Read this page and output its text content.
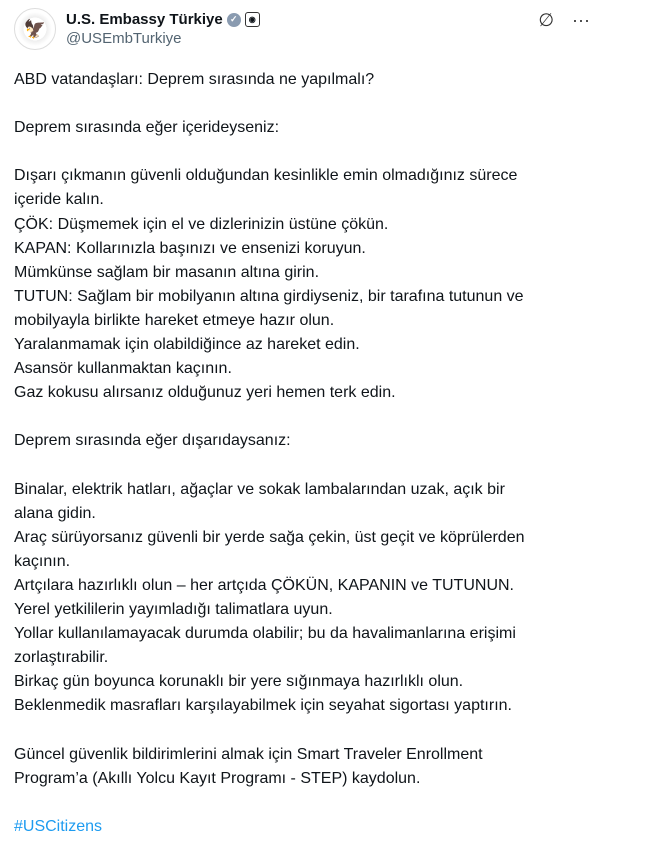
🦅	U.S. Embassy Türkiye ✓	◉
@USEmbTurkiye
∅ ···
ABD vatandaşları: Deprem sırasında ne yapılmalı?
Deprem sırasında eğer içerideyseniz:
Dışarı çıkmanın güvenli olduğundan kesinlikle emin olmadığınız sürece
içeride kalın.
ÇÖK: Düşmemek için el ve dizlerinizin üstüne çökün.
KAPAN: Kollarınızla başınızı ve ensenizi koruyun.
Mümkünse sağlam bir masanın altına girin.
TUTUN: Sağlam bir mobilyanın altına girdiyseniz, bir tarafına tutunun ve
mobilyayla birlikte hareket etmeye hazır olun.
Yaralanmamak için olabildiğince az hareket edin.
Asansör kullanmaktan kaçının.
Gaz kokusu alırsanız olduğunuz yeri hemen terk edin.
Deprem sırasında eğer dışarıdaysanız:
Binalar, elektrik hatları, ağaçlar ve sokak lambalarından uzak, açık bir
alana gidin.
Araç sürüyorsanız güvenli bir yerde sağa çekin, üst geçit ve köprülerden
kaçının.
Artçılara hazırlıklı olun – her artçıda ÇÖKÜN, KAPANIN ve TUTUNUN.
Yerel yetkililerin yayımladığı talimatlara uyun.
Yollar kullanılamayacak durumda olabilir; bu da havalimanlarına erişimi
zorlaştırabilir.
Birkaç gün boyunca korunaklı bir yere sığınmaya hazırlıklı olun.
Beklenmedik masrafları karşılayabilmek için seyahat sigortası yaptırın.
Güncel güvenlik bildirimlerini almak için Smart Traveler Enrollment
Program’a (Akıllı Yolcu Kayıt Programı - STEP) kaydolun.
#USCitizens
